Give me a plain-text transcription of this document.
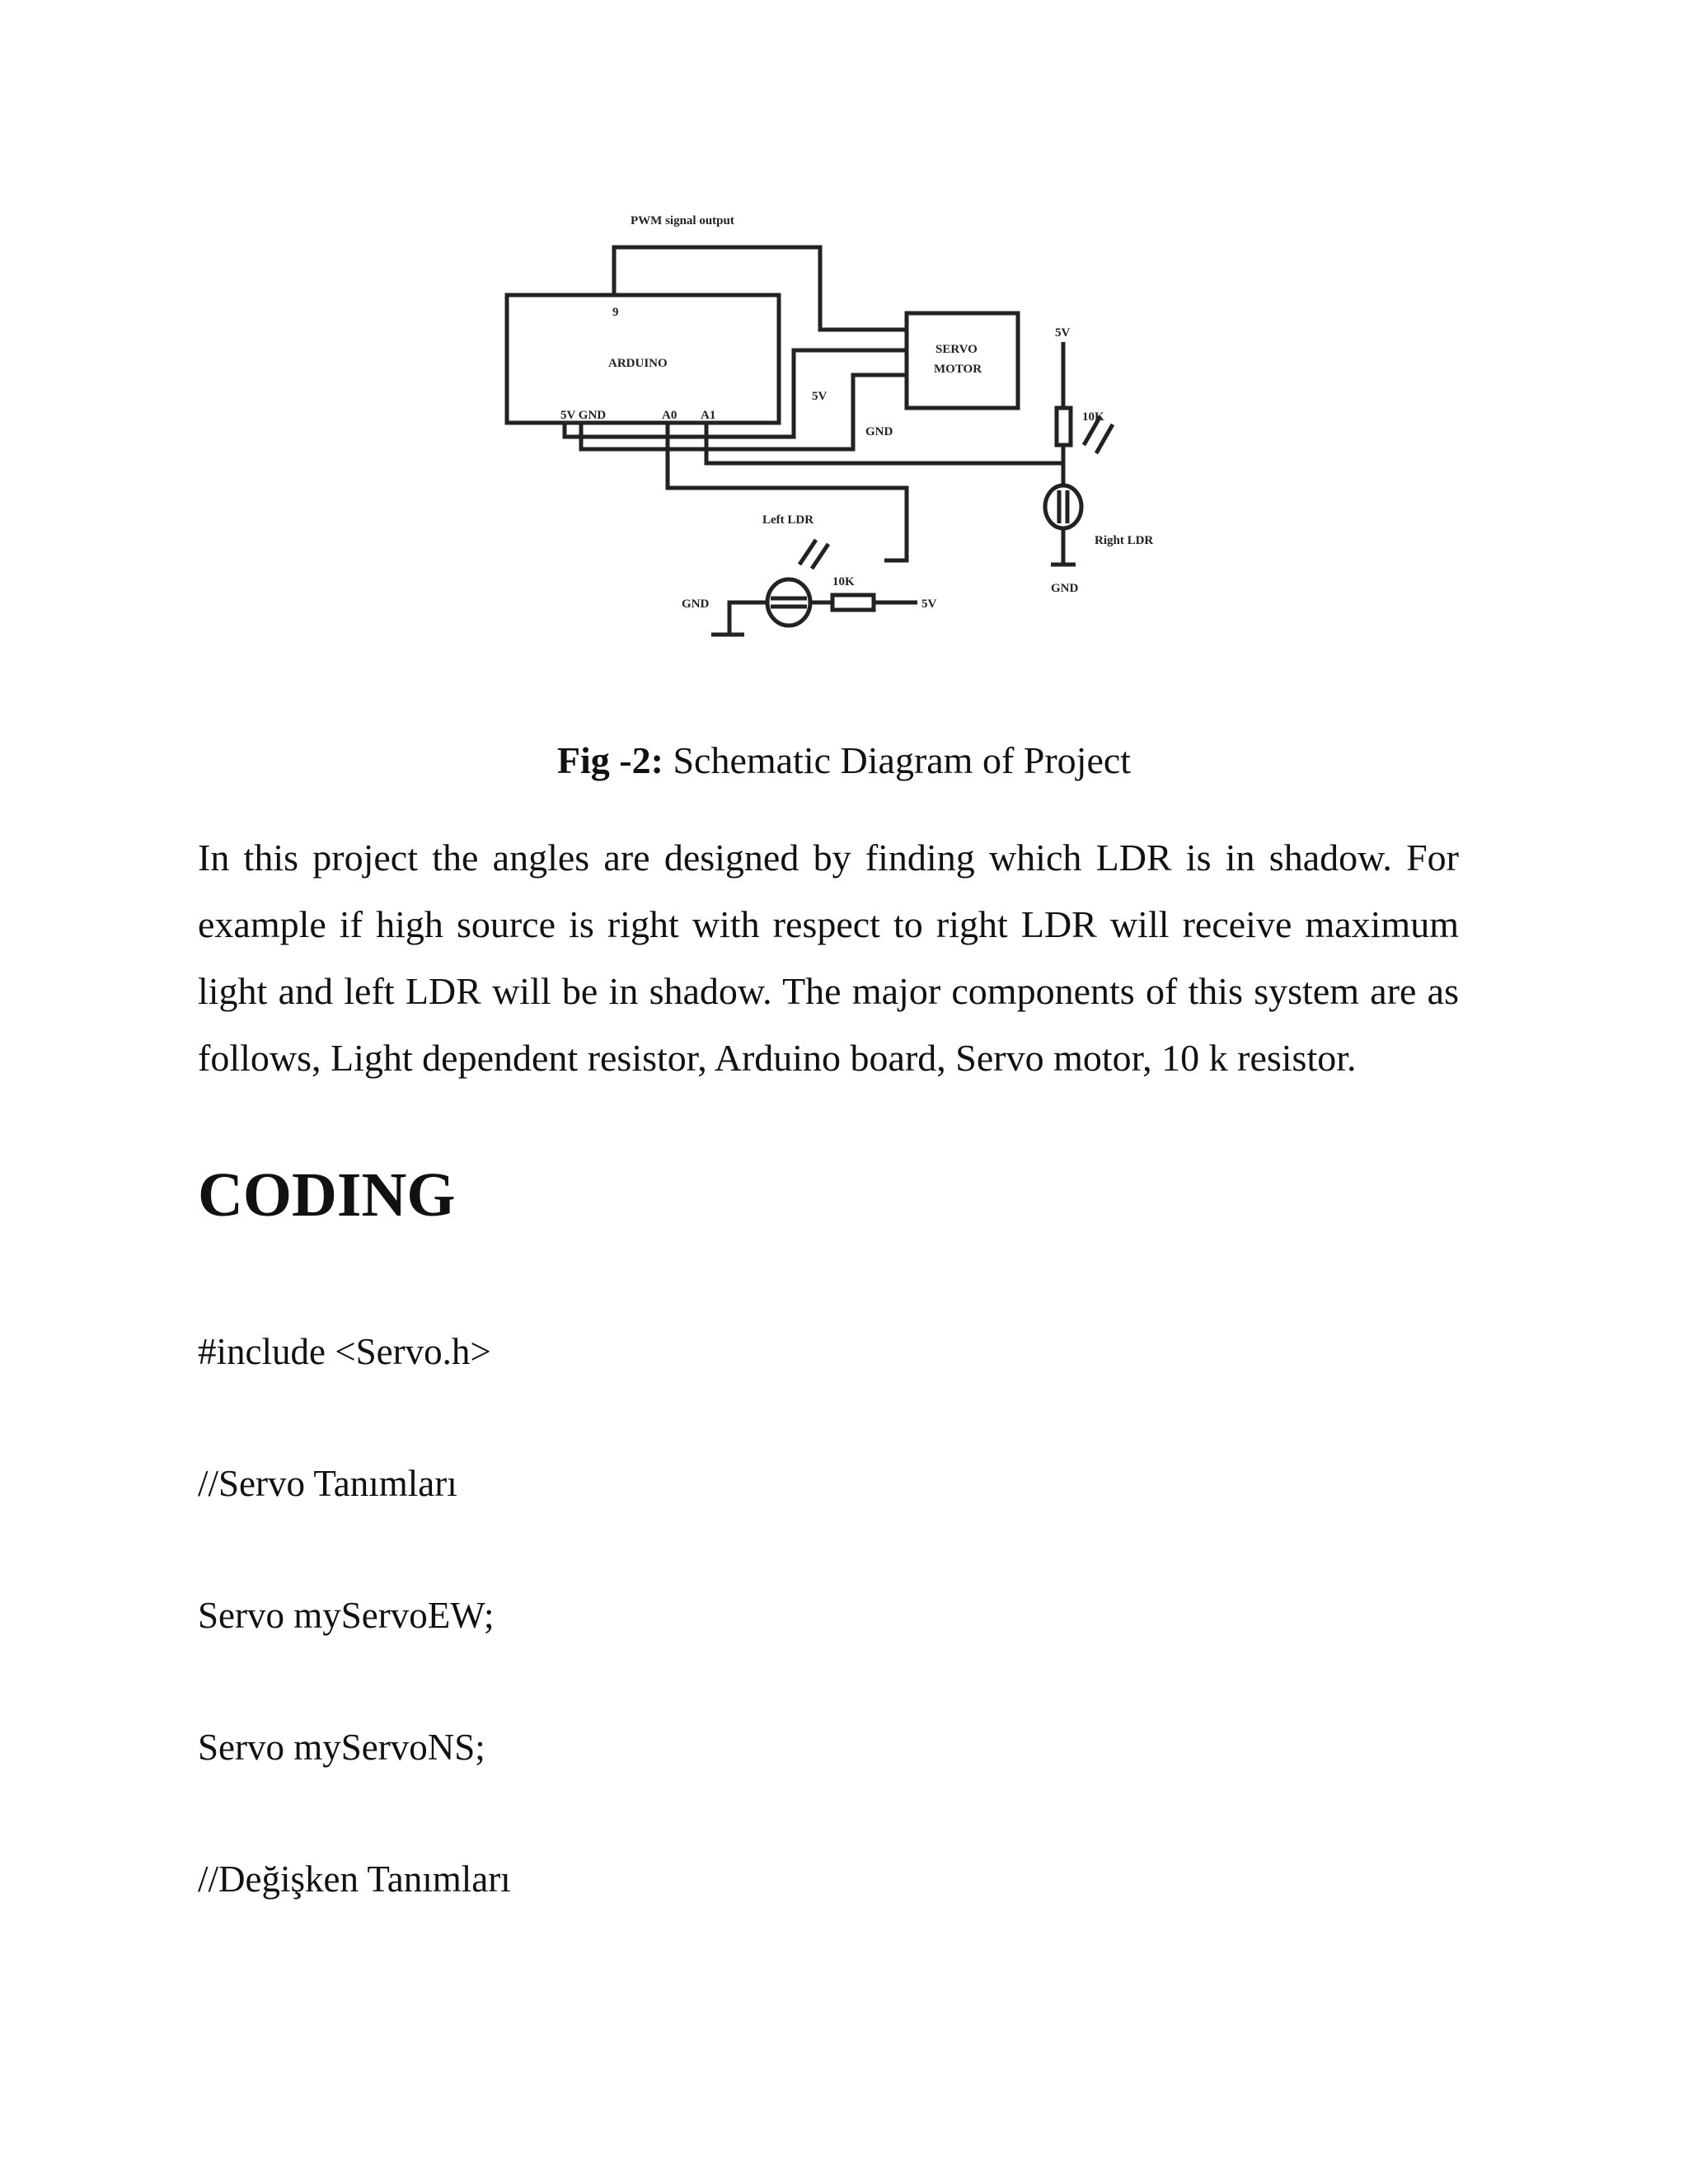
PWM signal output
9
ARDUINO
5V GND	A0 A1
SERVO
MOTOR
5V
GND
5V
10K
Right LDR
GND
Left LDR
10K
GND	5V
Fig -2: Schematic Diagram of Project

In this project the angles are designed by finding which LDR is in shadow. For example if high source is right with respect to right LDR will receive maximum light and left LDR will be in shadow. The major components of this system are as follows, Light dependent resistor, Arduino board, Servo motor, 10 k resistor.

CODING
#include <Servo.h>
//Servo Tanımları
Servo myServoEW;
Servo myServoNS;
//Değişken Tanımları
